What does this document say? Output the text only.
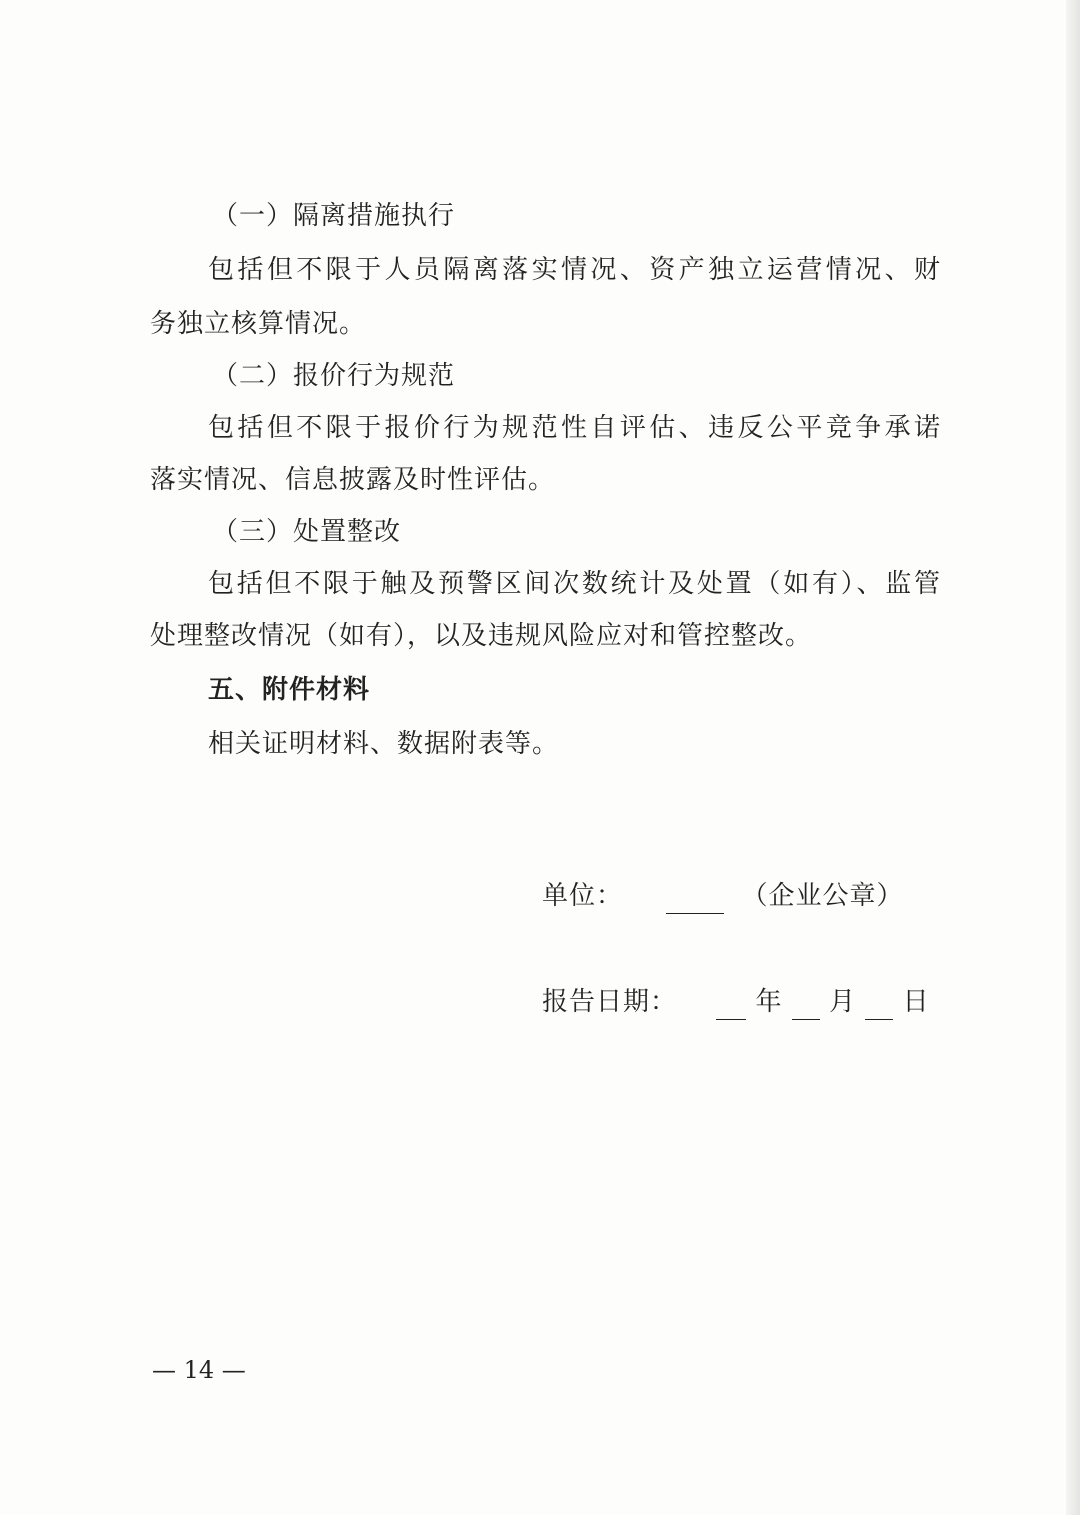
（一）隔离措施执行
包括但不限于人员隔离落实情况、资产独立运营情况、财
务独立核算情况。
（二）报价行为规范
包括但不限于报价行为规范性自评估、违反公平竞争承诺
落实情况、信息披露及时性评估。
（三）处置整改
包括但不限于触及预警区间次数统计及处置（如有）、监管
处理整改情况（如有），以及违规风险应对和管控整改。
五、附件材料
相关证明材料、数据附表等。
单位：	（企业公章）
报告日期：	年 月 日
— 14 —
